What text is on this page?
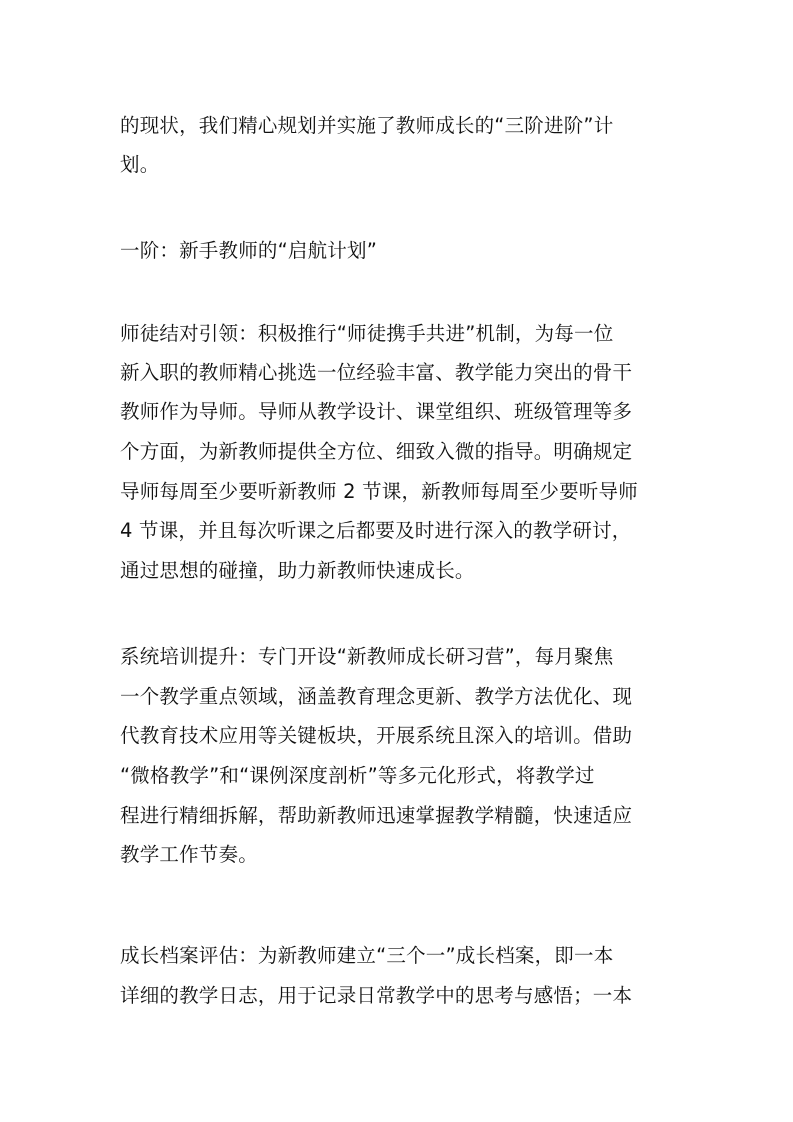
的现状，我们精心规划并实施了教师成长的“三阶进阶”计
划。
一阶：新手教师的“启航计划”
师徒结对引领：积极推行“师徒携手共进”机制，为每一位
新入职的教师精心挑选一位经验丰富、教学能力突出的骨干
教师作为导师。导师从教学设计、课堂组织、班级管理等多
个方面，为新教师提供全方位、细致入微的指导。明确规定
导师每周至少要听新教师 2 节课，新教师每周至少要听导师
4 节课，并且每次听课之后都要及时进行深入的教学研讨，
通过思想的碰撞，助力新教师快速成长。
系统培训提升：专门开设“新教师成长研习营”，每月聚焦
一个教学重点领域，涵盖教育理念更新、教学方法优化、现
代教育技术应用等关键板块，开展系统且深入的培训。借助
“微格教学”和“课例深度剖析”等多元化形式，将教学过
程进行精细拆解，帮助新教师迅速掌握教学精髓，快速适应
教学工作节奏。
成长档案评估：为新教师建立“三个一”成长档案，即一本
详细的教学日志，用于记录日常教学中的思考与感悟；一本
